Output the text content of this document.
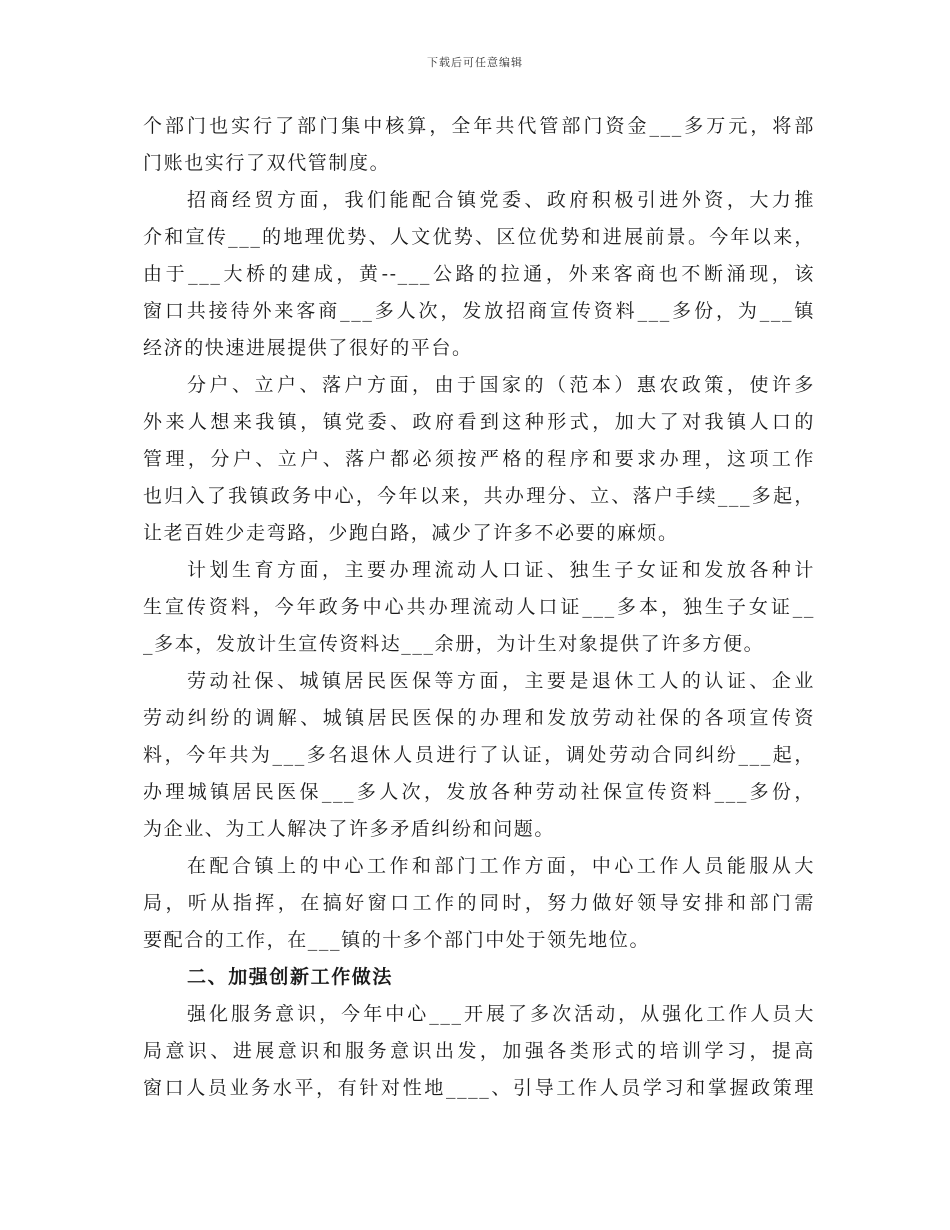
下载后可任意编辑
个部门也实行了部门集中核算，全年共代管部门资金___多万元，将部
门账也实行了双代管制度。
招商经贸方面，我们能配合镇党委、政府积极引进外资，大力推
介和宣传___的地理优势、人文优势、区位优势和进展前景。今年以来，
由于___大桥的建成，黄--___公路的拉通，外来客商也不断涌现，该
窗口共接待外来客商___多人次，发放招商宣传资料___多份，为___镇
经济的快速进展提供了很好的平台。
分户、立户、落户方面，由于国家的（范本）惠农政策，使许多
外来人想来我镇，镇党委、政府看到这种形式，加大了对我镇人口的
管理，分户、立户、落户都必须按严格的程序和要求办理，这项工作
也归入了我镇政务中心，今年以来，共办理分、立、落户手续___多起，
让老百姓少走弯路，少跑白路，减少了许多不必要的麻烦。
计划生育方面，主要办理流动人口证、独生子女证和发放各种计
生宣传资料，今年政务中心共办理流动人口证___多本，独生子女证__
_多本，发放计生宣传资料达___余册，为计生对象提供了许多方便。
劳动社保、城镇居民医保等方面，主要是退休工人的认证、企业
劳动纠纷的调解、城镇居民医保的办理和发放劳动社保的各项宣传资
料，今年共为___多名退休人员进行了认证，调处劳动合同纠纷___起，
办理城镇居民医保___多人次，发放各种劳动社保宣传资料___多份，
为企业、为工人解决了许多矛盾纠纷和问题。
在配合镇上的中心工作和部门工作方面，中心工作人员能服从大
局，听从指挥，在搞好窗口工作的同时，努力做好领导安排和部门需
要配合的工作，在___镇的十多个部门中处于领先地位。
二、加强创新工作做法
强化服务意识，今年中心___开展了多次活动，从强化工作人员大
局意识、进展意识和服务意识出发，加强各类形式的培训学习，提高
窗口人员业务水平，有针对性地____、引导工作人员学习和掌握政策理
